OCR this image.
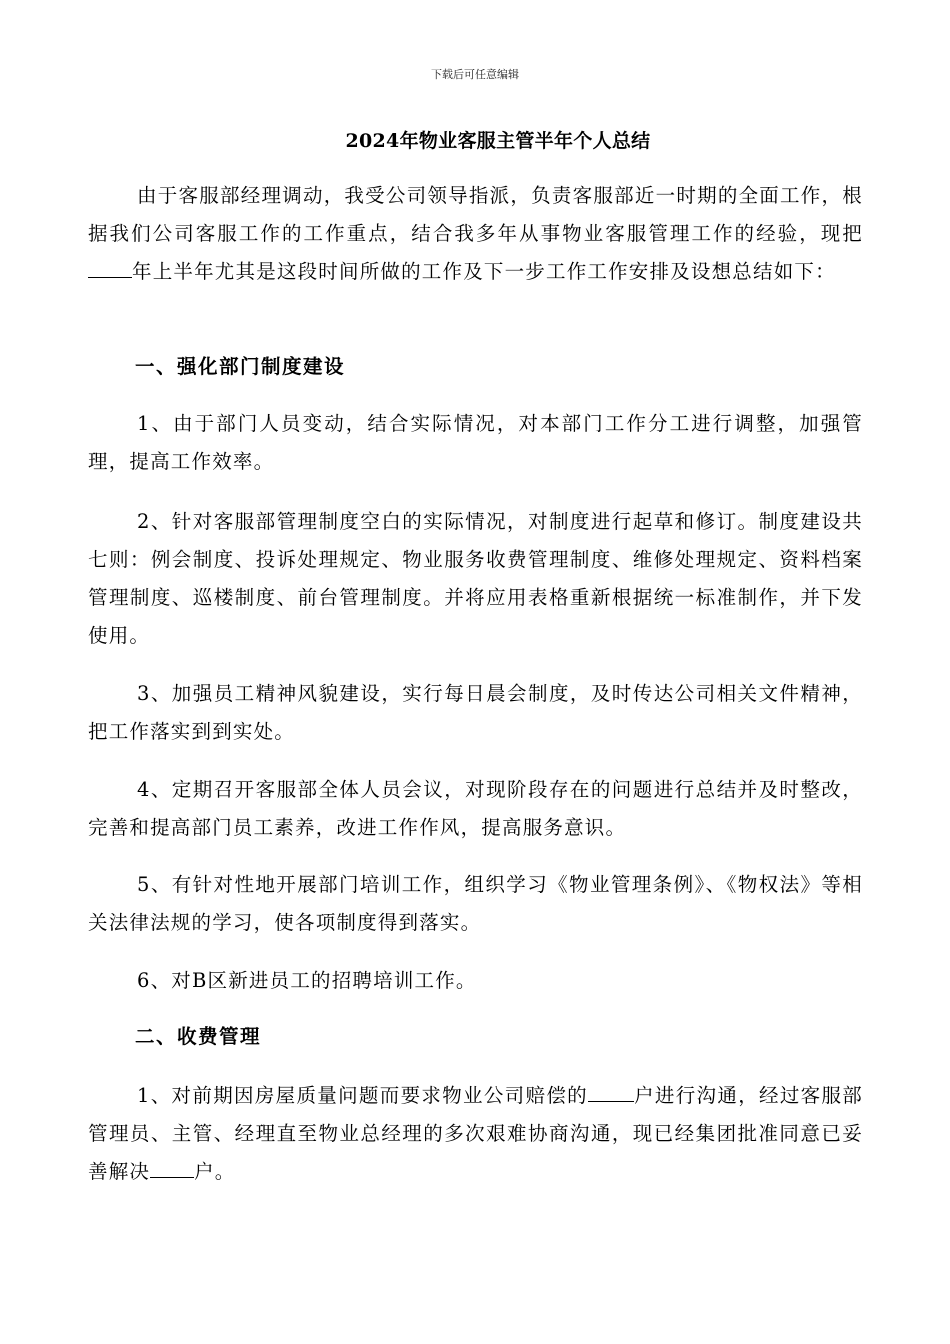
下载后可任意编辑
2024年物业客服主管半年个人总结
由于客服部经理调动，我受公司领导指派，负责客服部近一时期的全面工作，根据我们公司客服工作的工作重点，结合我多年从事物业客服管理工作的经验，现把年上半年尤其是这段时间所做的工作及下一步工作工作安排及设想总结如下：
一、强化部门制度建设
1、由于部门人员变动，结合实际情况，对本部门工作分工进行调整，加强管理，提高工作效率。
2、针对客服部管理制度空白的实际情况，对制度进行起草和修订。制度建设共七则：例会制度、投诉处理规定、物业服务收费管理制度、维修处理规定、资料档案管理制度、巡楼制度、前台管理制度。并将应用表格重新根据统一标准制作，并下发使用。
3、加强员工精神风貌建设，实行每日晨会制度，及时传达公司相关文件精神，把工作落实到到实处。
4、定期召开客服部全体人员会议，对现阶段存在的问题进行总结并及时整改，完善和提高部门员工素养，改进工作作风，提高服务意识。
5、有针对性地开展部门培训工作，组织学习《物业管理条例》、《物权法》等相关法律法规的学习，使各项制度得到落实。
6、对B区新进员工的招聘培训工作。
二、收费管理
1、对前期因房屋质量问题而要求物业公司赔偿的 户进行沟通，经过客服部管理员、主管、经理直至物业总经理的多次艰难协商沟通，现已经集团批准同意已妥善解决 户。
